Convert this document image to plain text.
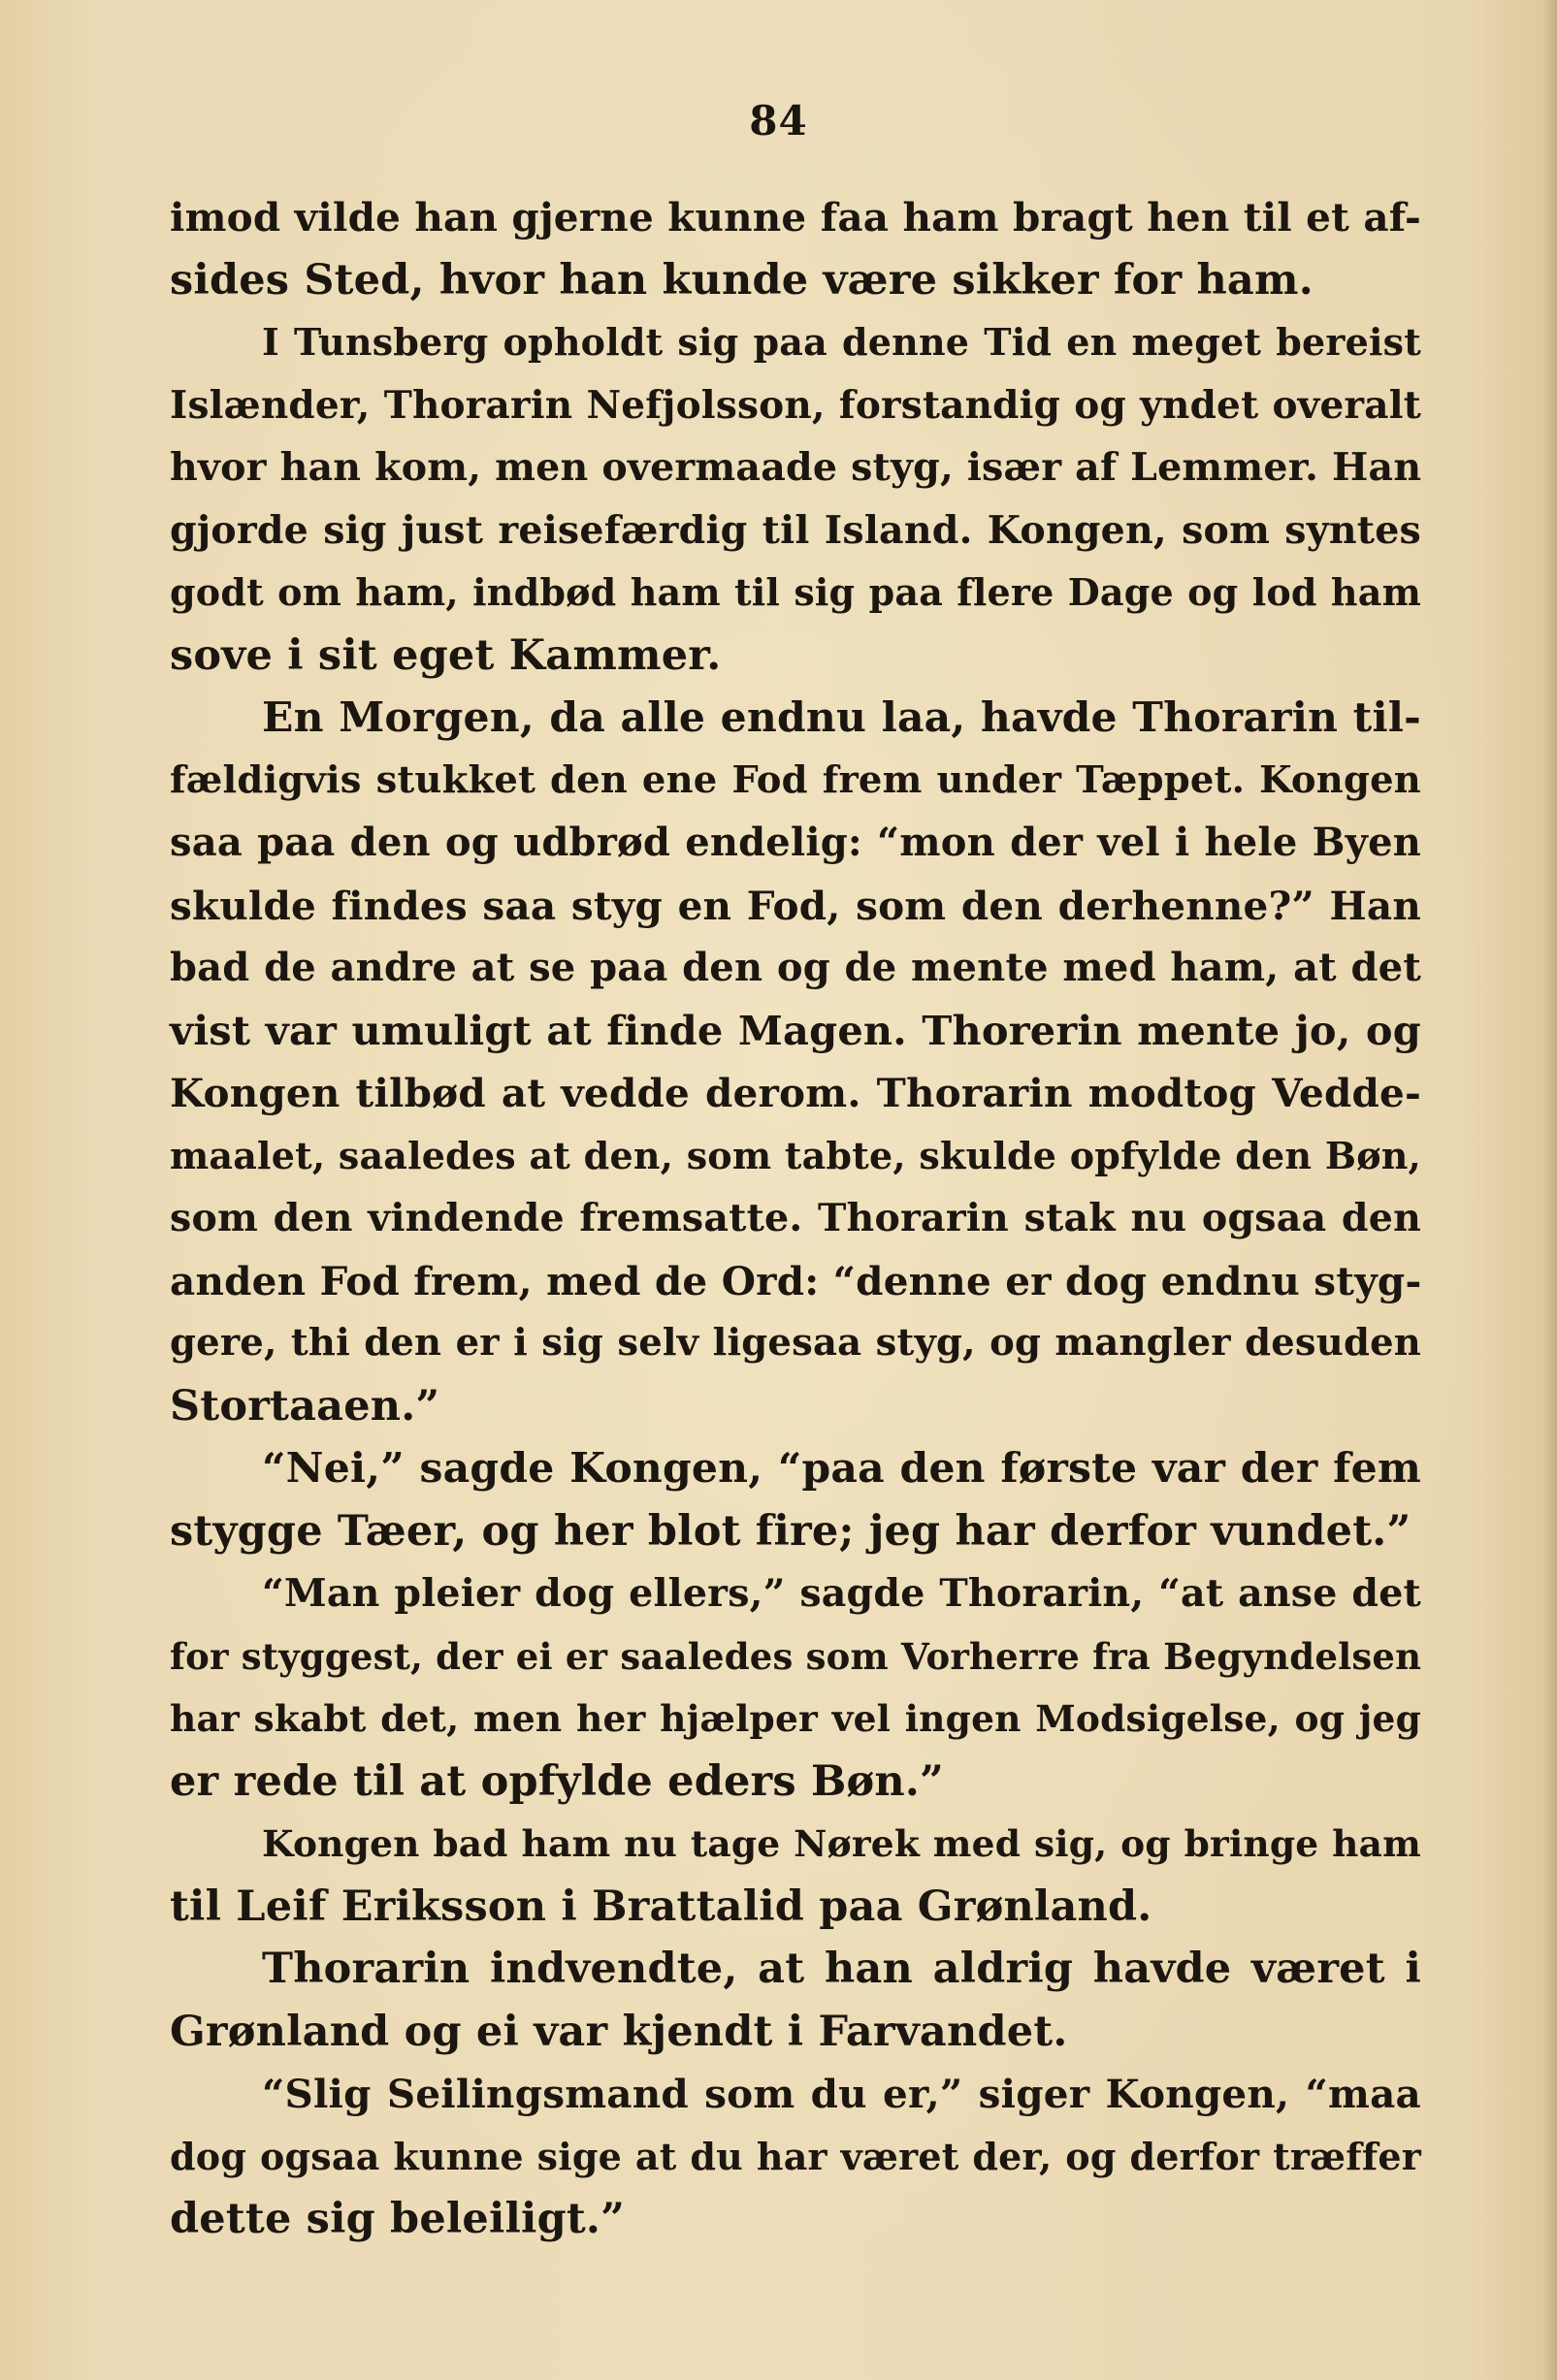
84
imod vilde han gjerne kunne faa ham bragt hen til et af-
sides Sted, hvor han kunde være sikker for ham.
I Tunsberg opholdt sig paa denne Tid en meget bereist
Islænder, Thorarin Nefjolsson, forstandig og yndet overalt
hvor han kom, men overmaade styg, især af Lemmer. Han
gjorde sig just reisefærdig til Island. Kongen, som syntes
godt om ham, indbød ham til sig paa flere Dage og lod ham
sove i sit eget Kammer.
En Morgen, da alle endnu laa, havde Thorarin til-
fældigvis stukket den ene Fod frem under Tæppet. Kongen
saa paa den og udbrød endelig: “mon der vel i hele Byen
skulde findes saa styg en Fod, som den derhenne?” Han
bad de andre at se paa den og de mente med ham, at det
vist var umuligt at finde Magen. Thorerin mente jo, og
Kongen tilbød at vedde derom. Thorarin modtog Vedde-
maalet, saaledes at den, som tabte, skulde opfylde den Bøn,
som den vindende fremsatte. Thorarin stak nu ogsaa den
anden Fod frem, med de Ord: “denne er dog endnu styg-
gere, thi den er i sig selv ligesaa styg, og mangler desuden
Stortaaen.”
“Nei,” sagde Kongen, “paa den første var der fem
stygge Tæer, og her blot fire; jeg har derfor vundet.”
“Man pleier dog ellers,” sagde Thorarin, “at anse det
for styggest, der ei er saaledes som Vorherre fra Begyndelsen
har skabt det, men her hjælper vel ingen Modsigelse, og jeg
er rede til at opfylde eders Bøn.”
Kongen bad ham nu tage Nørek med sig, og bringe ham
til Leif Eriksson i Brattalid paa Grønland.
Thorarin indvendte, at han aldrig havde været i
Grønland og ei var kjendt i Farvandet.
“Slig Seilingsmand som du er,” siger Kongen, “maa
dog ogsaa kunne sige at du har været der, og derfor træffer
dette sig beleiligt.”
